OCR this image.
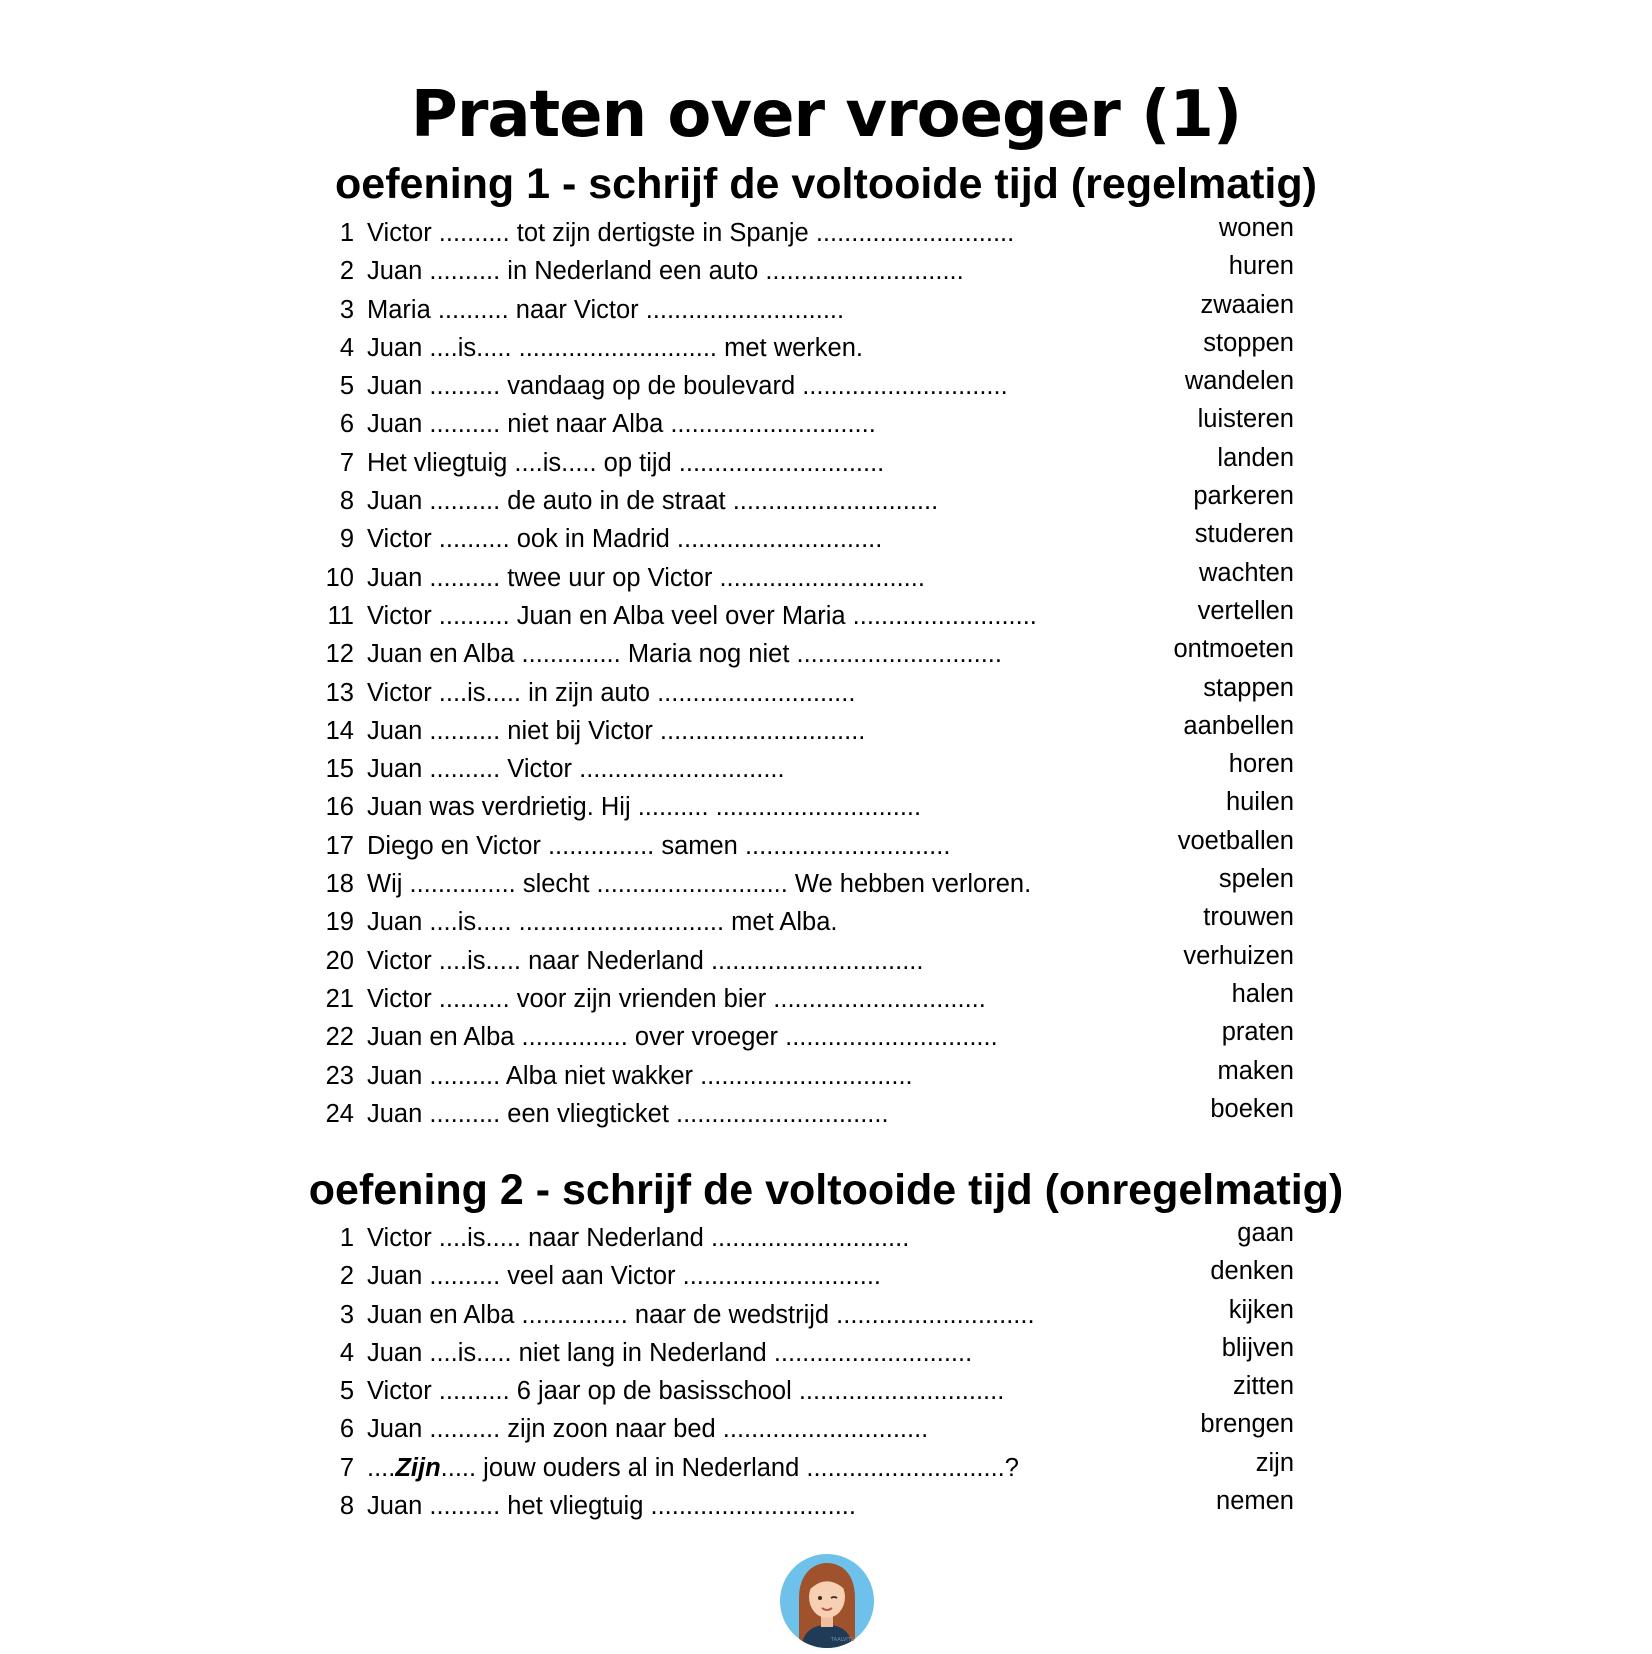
Praten over vroeger (1)
oefening 1 - schrijf de voltooide tijd (regelmatig)
1 Victor .......... tot zijn dertigste in Spanje ............................	wonen
2 Juan .......... in Nederland een auto ............................	huren
3 Maria .......... naar Victor ............................	zwaaien
4 Juan ....is..... ............................ met werken.	stoppen
5 Juan .......... vandaag op de boulevard .............................	wandelen
6 Juan .......... niet naar Alba .............................	luisteren
7 Het vliegtuig ....is..... op tijd .............................	landen
8 Juan .......... de auto in de straat .............................	parkeren
9 Victor .......... ook in Madrid .............................	studeren
10 Juan .......... twee uur op Victor .............................	wachten
11 Victor .......... Juan en Alba veel over Maria ..........................	vertellen
12 Juan en Alba .............. Maria nog niet .............................	ontmoeten
13 Victor ....is..... in zijn auto ............................	stappen
14 Juan .......... niet bij Victor .............................	aanbellen
15 Juan .......... Victor .............................	horen
16 Juan was verdrietig. Hij .......... .............................	huilen
17 Diego en Victor ............... samen .............................	voetballen
18 Wij ............... slecht ........................... We hebben verloren.	spelen
19 Juan ....is..... ............................. met Alba.	trouwen
20 Victor ....is..... naar Nederland ..............................	verhuizen
21 Victor .......... voor zijn vrienden bier ..............................	halen
22 Juan en Alba ............... over vroeger ..............................	praten
23 Juan .......... Alba niet wakker ..............................	maken
24 Juan .......... een vliegticket ..............................	boeken
oefening 2 - schrijf de voltooide tijd (onregelmatig)
1 Victor ....is..... naar Nederland ............................	gaan
2 Juan .......... veel aan Victor ............................	denken
3 Juan en Alba ............... naar de wedstrijd ............................	kijken
4 Juan ....is..... niet lang in Nederland ............................	blijven
5 Victor .......... 6 jaar op de basisschool .............................	zitten
6 Juan .......... zijn zoon naar bed .............................	brengen
7 ....Zijn..... jouw ouders al in Nederland ............................?	zijn
8 Juan .......... het vliegtuig .............................	nemen
TAALVITZ
